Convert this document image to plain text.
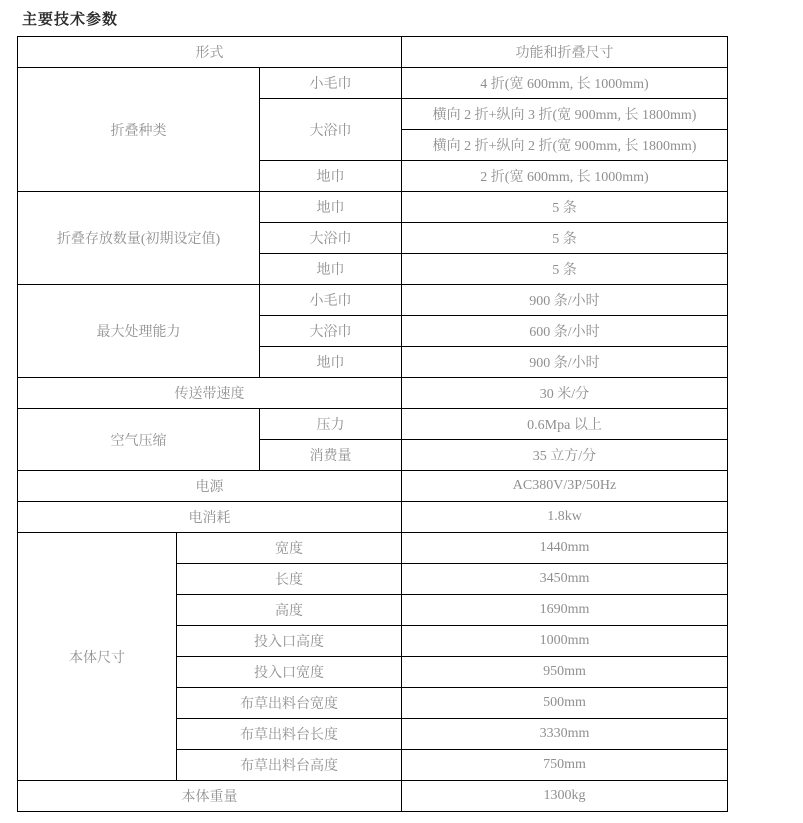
主要技术参数
形式			功能和折叠尺寸
折叠种类		小毛巾	4 折(宽 600mm, 长 1000mm)
		大浴巾	横向 2 折+纵向 3 折(宽 900mm, 长 1800mm)
			横向 2 折+纵向 2 折(宽 900mm, 长 1800mm)
		地巾	2 折(宽 600mm, 长 1000mm)
折叠存放数量(初期设定值)		地巾	5 条
		大浴巾	5 条
		地巾	5 条
最大处理能力		小毛巾	900 条/小时
		大浴巾	600 条/小时
		地巾	900 条/小时
传送带速度			30 米/分
空气压缩		压力	0.6Mpa 以上
		消费量	35 立方/分
电源			AC380V/3P/50Hz
电消耗			1.8kw
本体尺寸	宽度		1440mm
	长度		3450mm
	高度		1690mm
	投入口高度		1000mm
	投入口宽度		950mm
	布草出料台宽度		500mm
	布草出料台长度		3330mm
	布草出料台高度		750mm
本体重量			1300kg
